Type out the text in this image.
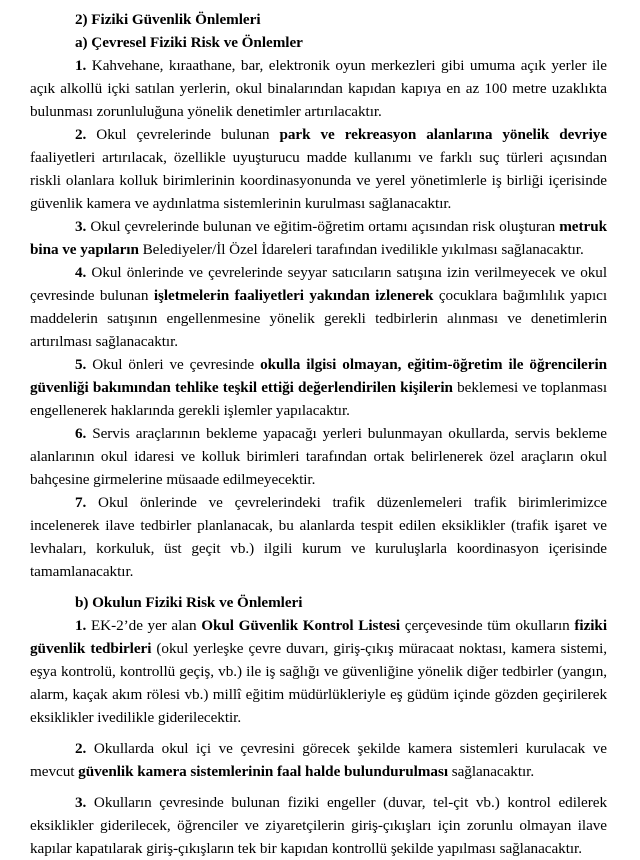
2) Fiziki Güvenlik Önlemleri

a) Çevresel Fiziki Risk ve Önlemler

1. Kahvehane, kıraathane, bar, elektronik oyun merkezleri gibi umuma açık yerler ile açık alkollü içki satılan yerlerin, okul binalarından kapıdan kapıya en az 100 metre uzaklıkta bulunması zorunluluğuna yönelik denetimler artırılacaktır.

2. Okul çevrelerinde bulunan park ve rekreasyon alanlarına yönelik devriye faaliyetleri artırılacak, özellikle uyuşturucu madde kullanımı ve farklı suç türleri açısından riskli olanlara kolluk birimlerinin koordinasyonunda ve yerel yönetimlerle iş birliği içerisinde güvenlik kamera ve aydınlatma sistemlerinin kurulması sağlanacaktır.

3. Okul çevrelerinde bulunan ve eğitim-öğretim ortamı açısından risk oluşturan metruk bina ve yapıların Belediyeler/İl Özel İdareleri tarafından ivedilikle yıkılması sağlanacaktır.

4. Okul önlerinde ve çevrelerinde seyyar satıcıların satışına izin verilmeyecek ve okul çevresinde bulunan işletmelerin faaliyetleri yakından izlenerek çocuklara bağımlılık yapıcı maddelerin satışının engellenmesine yönelik gerekli tedbirlerin alınması ve denetimlerin artırılması sağlanacaktır.

5. Okul önleri ve çevresinde okulla ilgisi olmayan, eğitim-öğretim ile öğrencilerin güvenliği bakımından tehlike teşkil ettiği değerlendirilen kişilerin beklemesi ve toplanması engellenerek haklarında gerekli işlemler yapılacaktır.

6. Servis araçlarının bekleme yapacağı yerleri bulunmayan okullarda, servis bekleme alanlarının okul idaresi ve kolluk birimleri tarafından ortak belirlenerek özel araçların okul bahçesine girmelerine müsaade edilmeyecektir.

7. Okul önlerinde ve çevrelerindeki trafik düzenlemeleri trafik birimlerimizce incelenerek ilave tedbirler planlanacak, bu alanlarda tespit edilen eksiklikler (trafik işaret ve levhaları, korkuluk, üst geçit vb.) ilgili kurum ve kuruluşlarla koordinasyon içerisinde tamamlanacaktır.

b) Okulun Fiziki Risk ve Önlemleri

1. EK-2’de yer alan Okul Güvenlik Kontrol Listesi çerçevesinde tüm okulların fiziki güvenlik tedbirleri (okul yerleşke çevre duvarı, giriş-çıkış müracaat noktası, kamera sistemi, eşya kontrolü, kontrollü geçiş, vb.) ile iş sağlığı ve güvenliğine yönelik diğer tedbirler (yangın, alarm, kaçak akım rölesi vb.) millî eğitim müdürlükleriyle eş güdüm içinde gözden geçirilerek eksiklikler ivedilikle giderilecektir.

2. Okullarda okul içi ve çevresini görecek şekilde kamera sistemleri kurulacak ve mevcut güvenlik kamera sistemlerinin faal halde bulundurulması sağlanacaktır.

3. Okulların çevresinde bulunan fiziki engeller (duvar, tel-çit vb.) kontrol edilerek eksiklikler giderilecek, öğrenciler ve ziyaretçilerin giriş-çıkışları için zorunlu olmayan ilave kapılar kapatılarak giriş-çıkışların tek bir kapıdan kontrollü şekilde yapılması sağlanacaktır.
